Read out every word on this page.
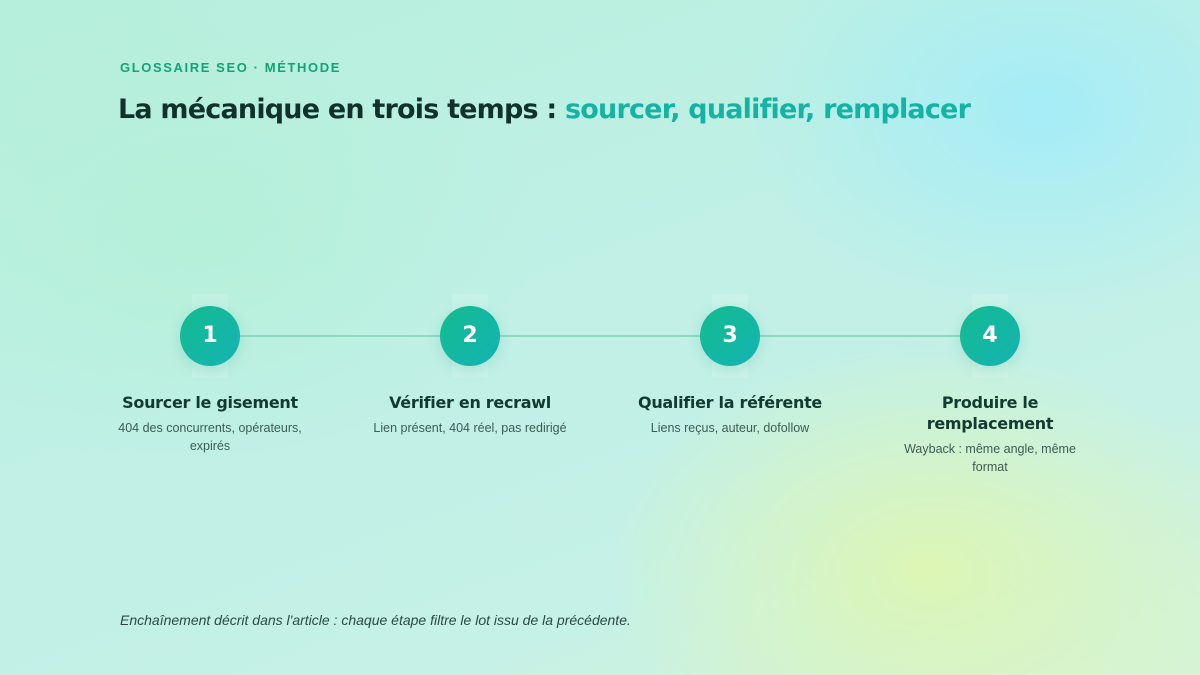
GLOSSAIRE SEO · MÉTHODE
La mécanique en trois temps : sourcer, qualifier, remplacer
1
Sourcer le gisement
404 des concurrents, opérateurs, expirés
2
Vérifier en recrawl
Lien présent, 404 réel, pas redirigé
3
Qualifier la référente
Liens reçus, auteur, dofollow
4
Produire le remplacement
Wayback : même angle, même format
Enchaînement décrit dans l'article : chaque étape filtre le lot issu de la précédente.
